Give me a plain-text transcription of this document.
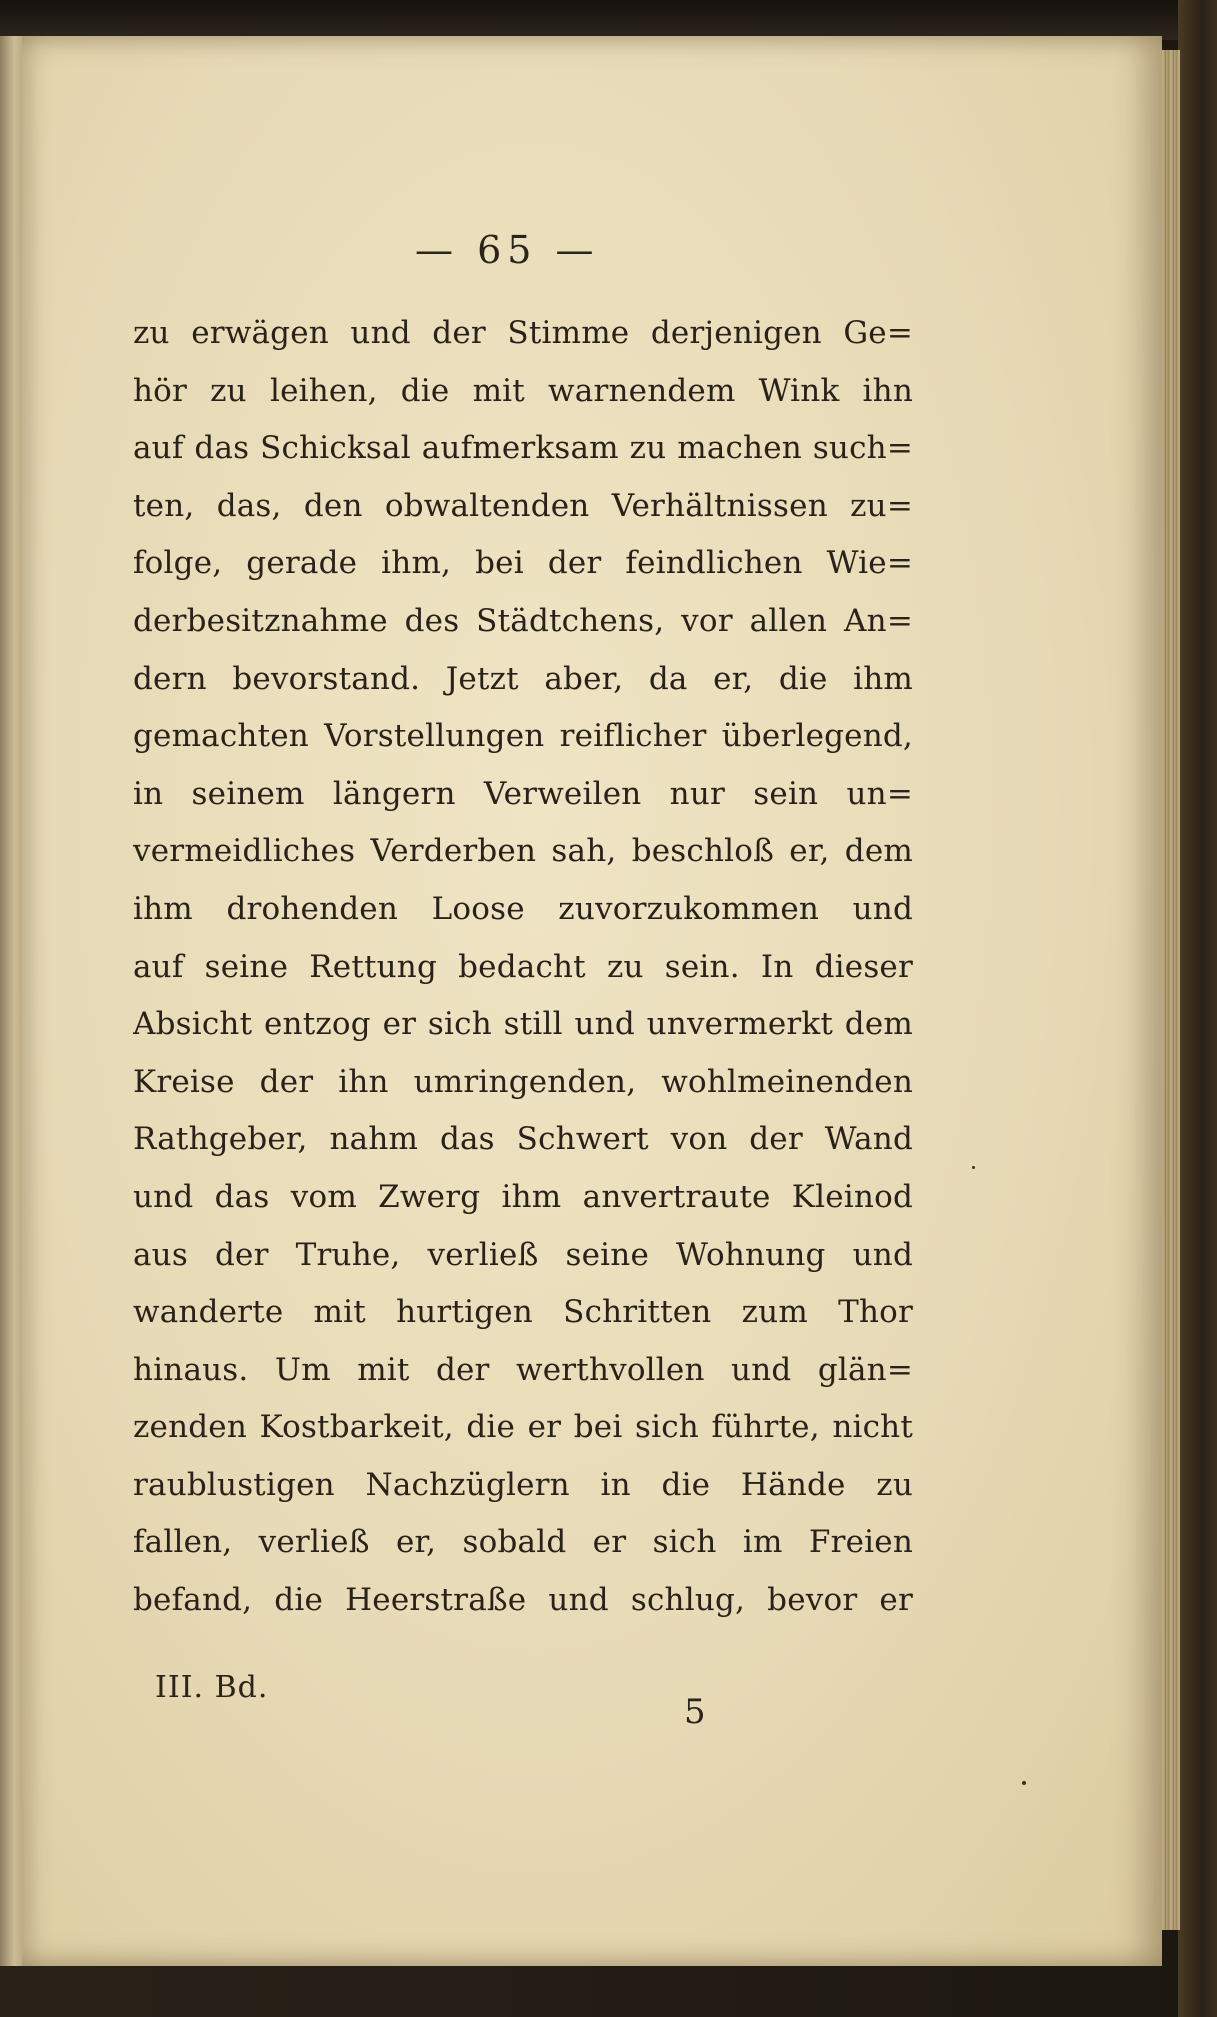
— 65 —
zu erwägen und der Stimme derjenigen Ge=
hör zu leihen, die mit warnendem Wink ihn
auf das Schicksal aufmerksam zu machen such=
ten, das, den obwaltenden Verhältnissen zu=
folge, gerade ihm, bei der feindlichen Wie=
derbesitznahme des Städtchens, vor allen An=
dern bevorstand. Jetzt aber, da er, die ihm
gemachten Vorstellungen reiflicher überlegend,
in seinem längern Verweilen nur sein un=
vermeidliches Verderben sah, beschloß er, dem
ihm drohenden Loose zuvorzukommen und
auf seine Rettung bedacht zu sein. In dieser
Absicht entzog er sich still und unvermerkt dem
Kreise der ihn umringenden, wohlmeinenden
Rathgeber, nahm das Schwert von der Wand
und das vom Zwerg ihm anvertraute Kleinod
aus der Truhe, verließ seine Wohnung und
wanderte mit hurtigen Schritten zum Thor
hinaus. Um mit der werthvollen und glän=
zenden Kostbarkeit, die er bei sich führte, nicht
raublustigen Nachzüglern in die Hände zu
fallen, verließ er, sobald er sich im Freien
befand, die Heerstraße und schlug, bevor er
III. Bd.
5
